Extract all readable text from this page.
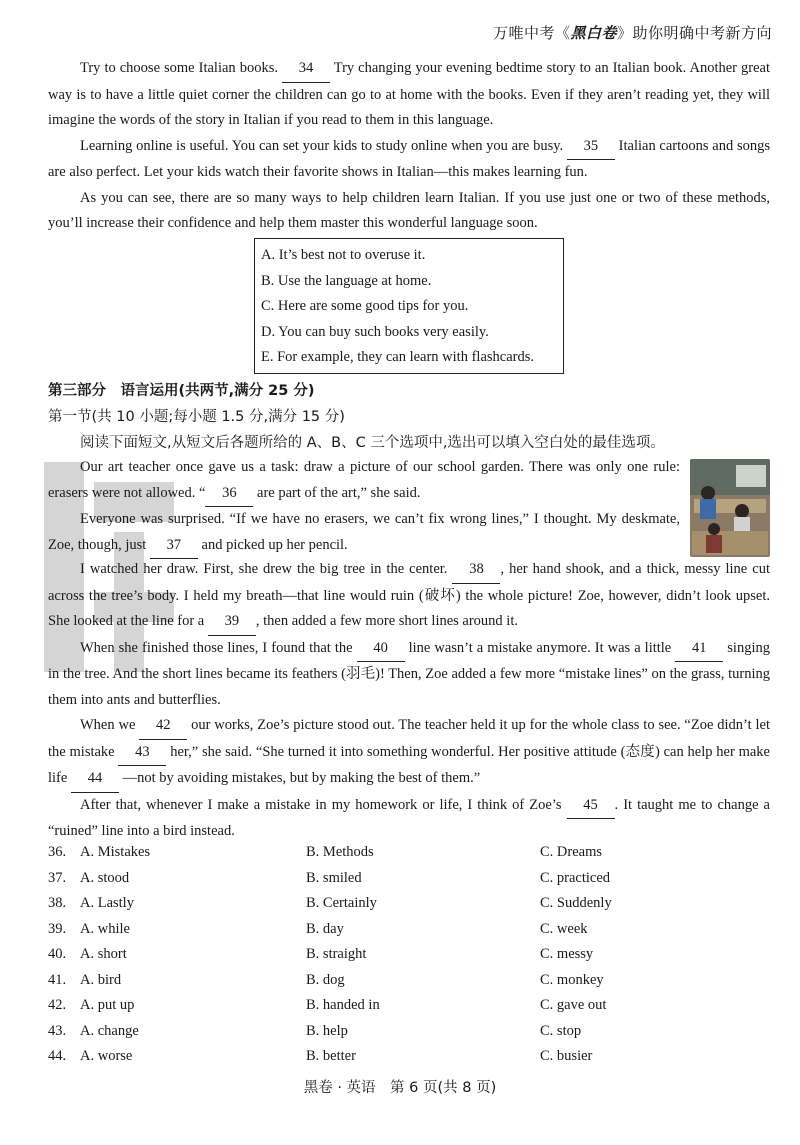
万唯中考《黑白卷》助你明确中考新方向

Try to choose some Italian books. 34 Try changing your evening bedtime story to an Italian book. Another great way is to have a little quiet corner the children can go to at home with the books. Even if they aren’t reading yet, they will imagine the words of the story in Italian if you read to them in this language.

Learning online is useful. You can set your kids to study online when you are busy. 35 Italian cartoons and songs are also perfect. Let your kids watch their favorite shows in Italian—this makes learning fun.

As you can see, there are so many ways to help children learn Italian. If you use just one or two of these methods, you’ll increase their confidence and help them master this wonderful language soon.

A. It’s best not to overuse it.
B. Use the language at home.
C. Here are some good tips for you.
D. You can buy such books very easily.
E. For example, they can learn with flashcards.
第三部分　语言运用(共两节,满分 25 分)
第一节(共 10 小题;每小题 1.5 分,满分 15 分)
阅读下面短文,从短文后各题所给的 A、B、C 三个选项中,选出可以填入空白处的最佳选项。

Our art teacher once gave us a task: draw a picture of our school garden. There was only one rule: erasers were not allowed. “ 36 are part of the art,” she said.

Everyone was surprised. “If we have no erasers, we can’t fix wrong lines,” I thought. My deskmate, Zoe, though, just 37 and picked up her pencil.

I watched her draw. First, she drew the big tree in the center. 38 , her hand shook, and a thick, messy line cut across the tree’s body. I held my breath—that line would ruin (破坏) the whole picture! Zoe, however, didn’t look upset. She looked at the line for a 39 , then added a few more short lines around it.

When she finished those lines, I found that the 40 line wasn’t a mistake anymore. It was a little 41 singing in the tree. And the short lines became its feathers (羽毛)! Then, Zoe added a few more “mistake lines” on the grass, turning them into ants and butterflies.

When we 42 our works, Zoe’s picture stood out. The teacher held it up for the whole class to see. “Zoe didn’t let the mistake 43 her,” she said. “She turned it into something wonderful. Her positive attitude (态度) can help her make life 44 —not by avoiding mistakes, but by making the best of them.”

After that, whenever I make a mistake in my homework or life, I think of Zoe’s 45 . It taught me to change a “ruined” line into a bird instead.

36. A. Mistakes	B. Methods	C. Dreams
37. A. stood	B. smiled	C. practiced
38. A. Lastly	B. Certainly	C. Suddenly
39. A. while	B. day	C. week
40. A. short	B. straight	C. messy
41. A. bird	B. dog	C. monkey
42. A. put up	B. handed in	C. gave out
43. A. change	B. help	C. stop
44. A. worse	B. better	C. busier
黑卷 · 英语　第 6 页(共 8 页)
